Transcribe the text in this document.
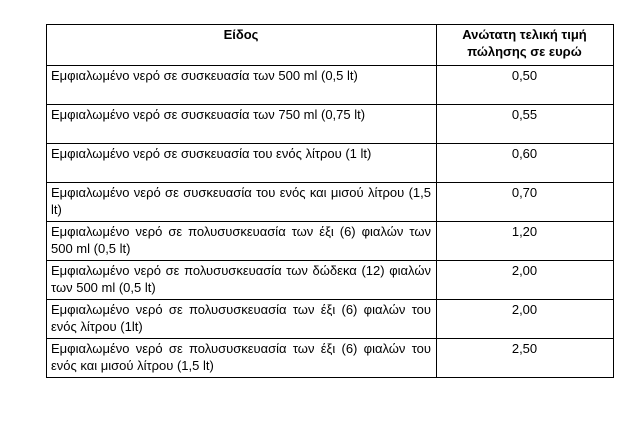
Είδος	Ανώτατη τελική τιμή πώλησης σε ευρώ
Εμφιαλωμένο νερό σε συσκευασία των 500 ml (0,5 lt)	0,50
Εμφιαλωμένο νερό σε συσκευασία των 750 ml (0,75 lt)	0,55
Εμφιαλωμένο νερό σε συσκευασία του ενός λίτρου (1 lt)	0,60
Εμφιαλωμένο νερό σε συσκευασία του ενός και μισού λίτρου (1,5 lt)	0,70
Εμφιαλωμένο νερό σε πολυσυσκευασία των έξι (6) φιαλών των 500 ml (0,5 lt)	1,20
Εμφιαλωμένο νερό σε πολυσυσκευασία των δώδεκα (12) φιαλών των 500 ml (0,5 lt)	2,00
Εμφιαλωμένο νερό σε πολυσυσκευασία των έξι (6) φιαλών του ενός λίτρου (1lt)	2,00
Εμφιαλωμένο νερό σε πολυσυσκευασία των έξι (6) φιαλών του ενός και μισού λίτρου (1,5 lt)	2,50
